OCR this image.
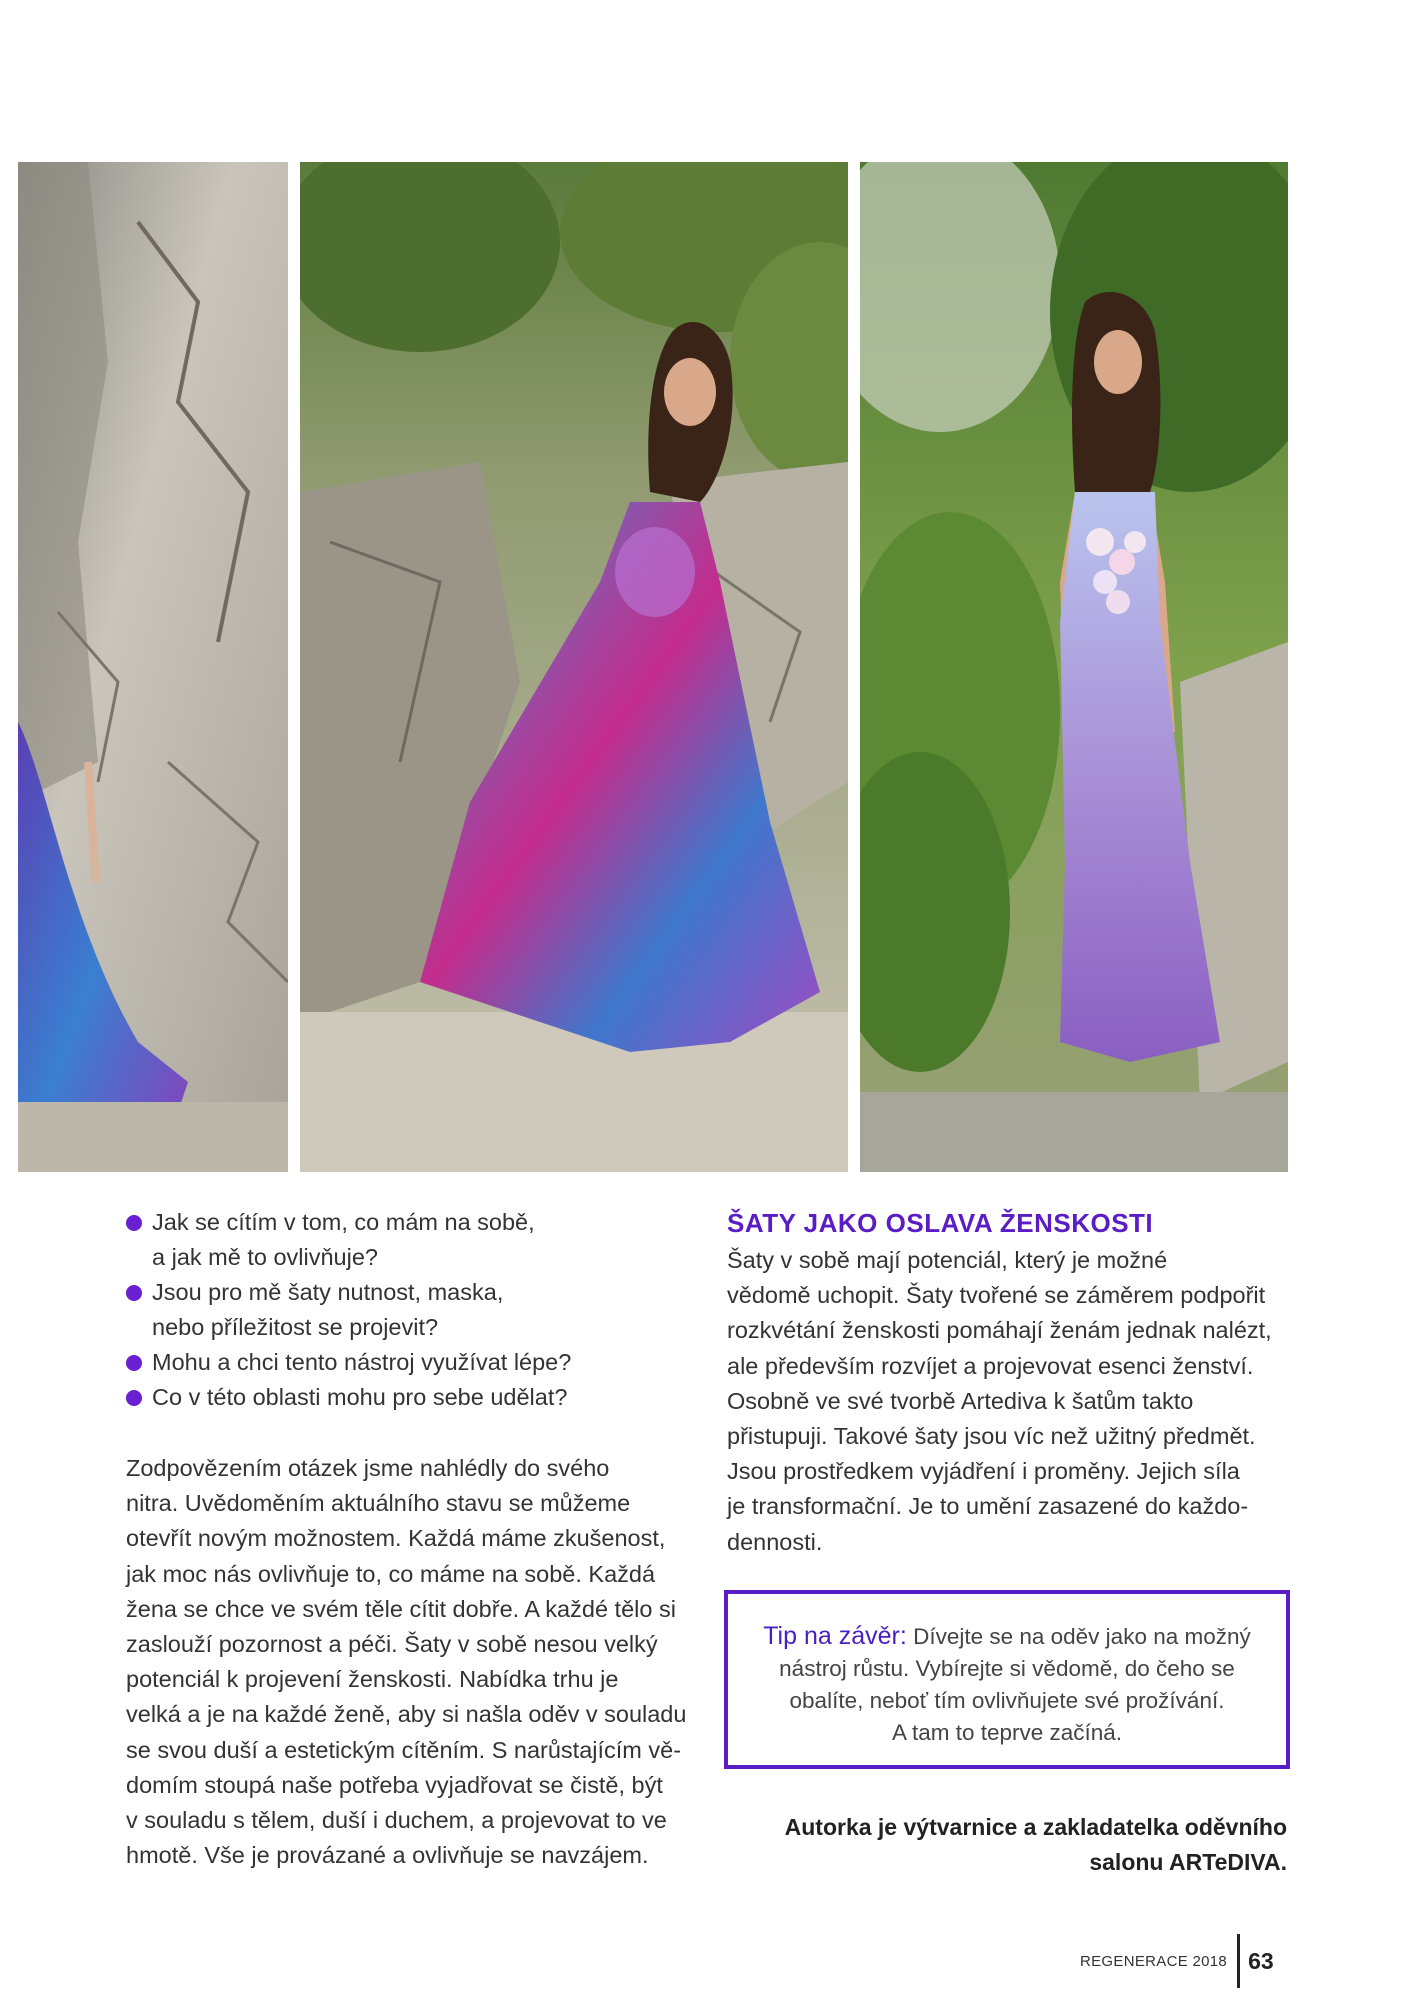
Jak se cítím v tom, co mám na sobě,
a jak mě to ovlivňuje?
Jsou pro mě šaty nutnost, maska,
nebo příležitost se projevit?
Mohu a chci tento nástroj využívat lépe?
Co v této oblasti mohu pro sebe udělat?

Zodpovězením otázek jsme nahlédly do svého
nitra. Uvědoměním aktuálního stavu se můžeme
otevřít novým možnostem. Každá máme zkušenost,
jak moc nás ovlivňuje to, co máme na sobě. Každá
žena se chce ve svém těle cítit dobře. A každé tělo si
zaslouží pozornost a péči. Šaty v sobě nesou velký
potenciál k projevení ženskosti. Nabídka trhu je
velká a je na každé ženě, aby si našla oděv v souladu
se svou duší a estetickým cítěním. S narůstajícím vě-
domím stoupá naše potřeba vyjadřovat se čistě, být
v souladu s tělem, duší i duchem, a projevovat to ve
hmotě. Vše je provázané a ovlivňuje se navzájem.

ŠATY JAKO OSLAVA ŽENSKOSTI

Šaty v sobě mají potenciál, který je možné
vědomě uchopit. Šaty tvořené se záměrem podpořit
rozkvétání ženskosti pomáhají ženám jednak nalézt,
ale především rozvíjet a projevovat esenci ženství.
Osobně ve své tvorbě Artediva k šatům takto
přistupuji. Takové šaty jsou víc než užitný předmět.
Jsou prostředkem vyjádření i proměny. Jejich síla
je transformační. Je to umění zasazené do každo-
dennosti.

Tip na závěr: Dívejte se na oděv jako na možný
nástroj růstu. Vybírejte si vědomě, do čeho se
obalíte, neboť tím ovlivňujete své prožívání.
A tam to teprve začíná.
Autorka je výtvarnice a zakladatelka oděvního
salonu ARTeDIVA.
REGENERACE 2018 63
